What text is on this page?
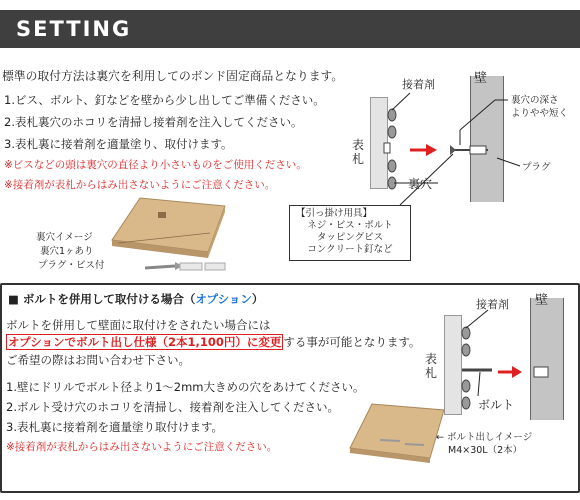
SETTING
標準の取付方法は裏穴を利用してのボンド固定商品となります。
1.ビス、ボルト、釘などを壁から少し出してご準備ください。
2.表札裏穴のホコリを清掃し接着剤を注入してください。
3.表札裏に接着剤を適量塗り、取付けます。
※ビスなどの頭は裏穴の直径より小さいものをご使用ください。
※接着剤が表札からはみ出さないようにご注意ください。
裏穴イメージ
裏穴1ヶあり
プラグ・ビス付
接着剤	壁
裏穴の深さ
よりやや短く
表
札
裏穴
プラグ
【引っ掛け用具】
ネジ・ビス・ボルト
タッピングビス
コンクリート釘など
■ ボルトを併用して取付ける場合（オプション）
ボルトを併用して壁面に取付けをされたい場合には
オプションでボルト出し仕様（2本1,100円）に変更 する事が可能となります。
ご希望の際はお問い合わせ下さい。
1.壁にドリルでボルト径より1〜2mm大きめの穴をあけてください。
2.ボルト受け穴のホコリを清掃し、接着剤を注入してください。
3.表札裏に接着剤を適量塗り取付けます。
※接着剤が表札からはみ出さないようにご注意ください。
接着剤 壁
表
札
ボルト
← ボルト出しイメージ
M4×30L（2本）
